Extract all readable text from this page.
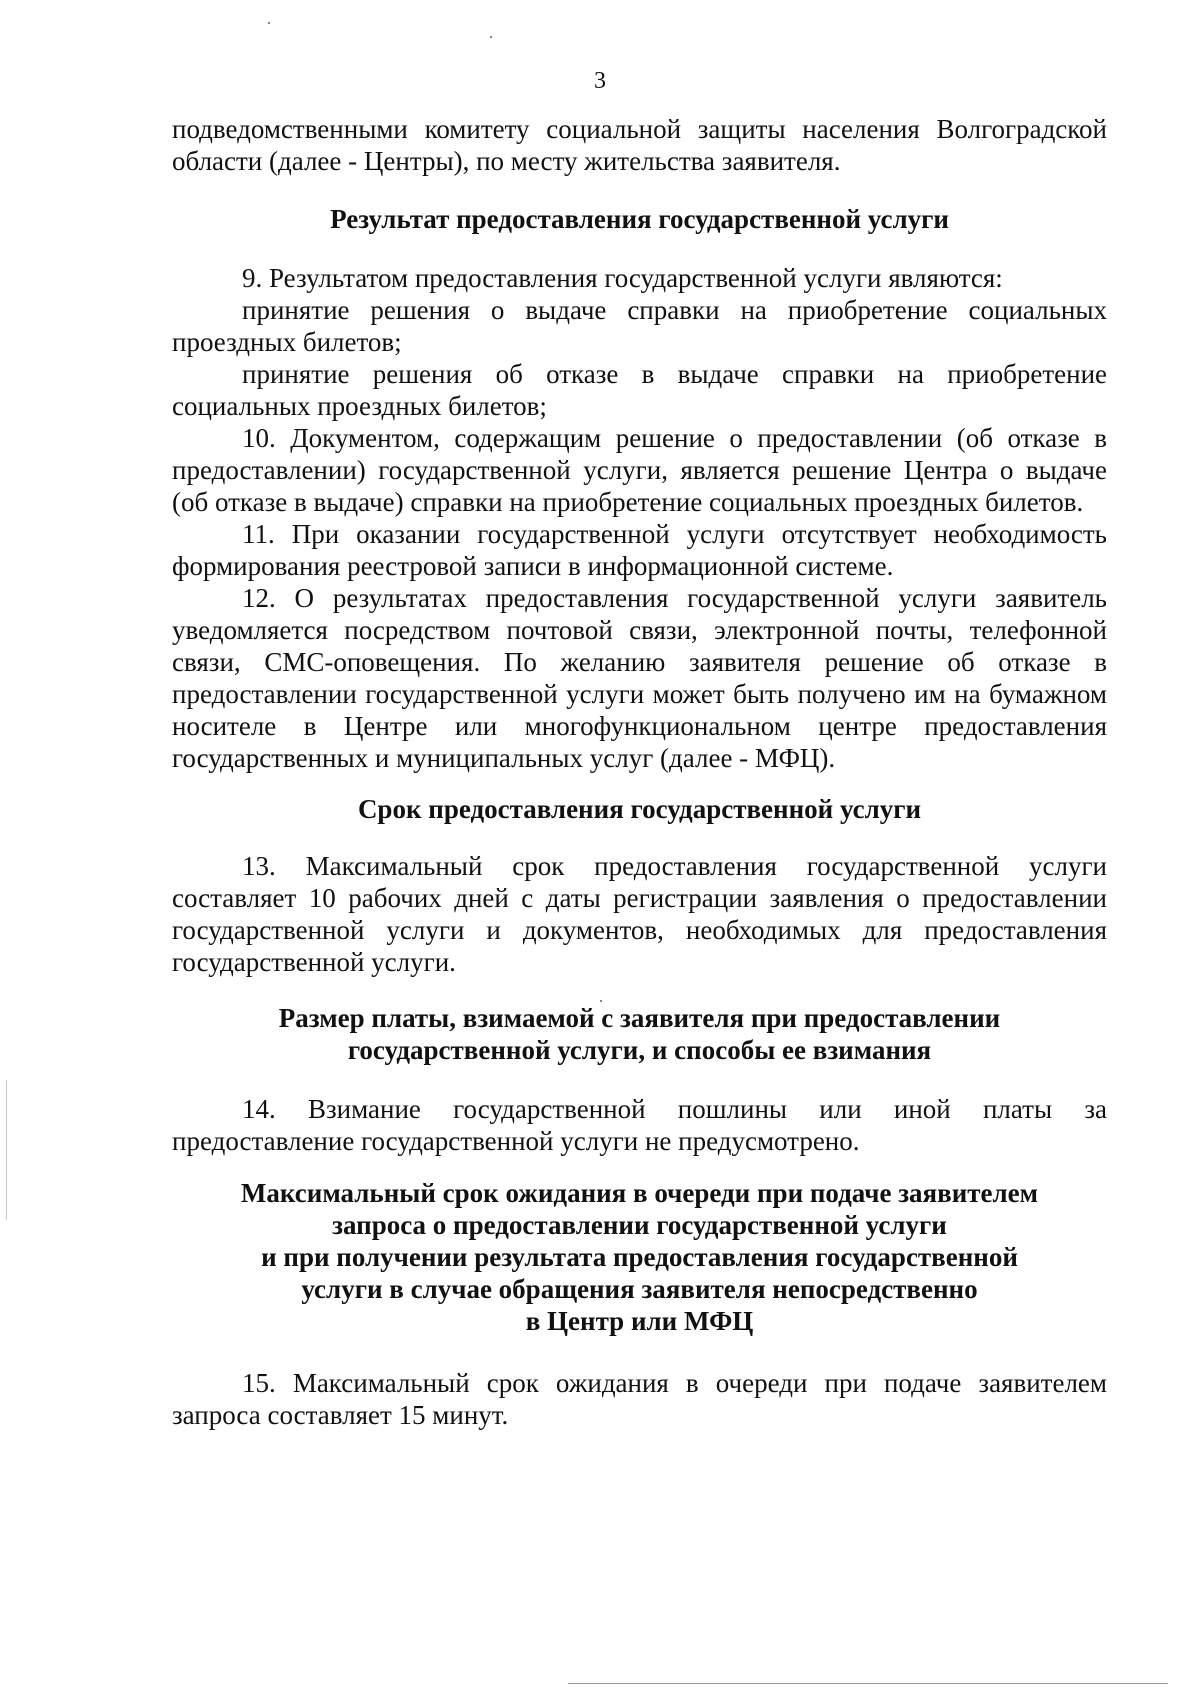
3

подведомственными комитету социальной защиты населения Волгоградской области (далее - Центры), по месту жительства заявителя.

Результат предоставления государственной услуги

9. Результатом предоставления государственной услуги являются:

принятие решения о выдаче справки на приобретение социальных проездных билетов;

принятие решения об отказе в выдаче справки на приобретение социальных проездных билетов;

10. Документом, содержащим решение о предоставлении (об отказе в предоставлении) государственной услуги, является решение Центра о выдаче (об отказе в выдаче) справки на приобретение социальных проездных билетов.

11. При оказании государственной услуги отсутствует необходимость формирования реестровой записи в информационной системе.

12. О результатах предоставления государственной услуги заявитель уведомляется посредством почтовой связи, электронной почты, телефонной связи, СМС-оповещения. По желанию заявителя решение об отказе в предоставлении государственной услуги может быть получено им на бумажном носителе в Центре или многофункциональном центре предоставления государственных и муниципальных услуг (далее - МФЦ).

Срок предоставления государственной услуги

13. Максимальный срок предоставления государственной услуги составляет 10 рабочих дней с даты регистрации заявления о предоставлении государственной услуги и документов, необходимых для предоставления государственной услуги.

Размер платы, взимаемой с заявителя при предоставлении
государственной услуги, и способы ее взимания

14. Взимание государственной пошлины или иной платы за предоставление государственной услуги не предусмотрено.

Максимальный срок ожидания в очереди при подаче заявителем
запроса о предоставлении государственной услуги
и при получении результата предоставления государственной
услуги в случае обращения заявителя непосредственно
в Центр или МФЦ

15. Максимальный срок ожидания в очереди при подаче заявителем запроса составляет 15 минут.
